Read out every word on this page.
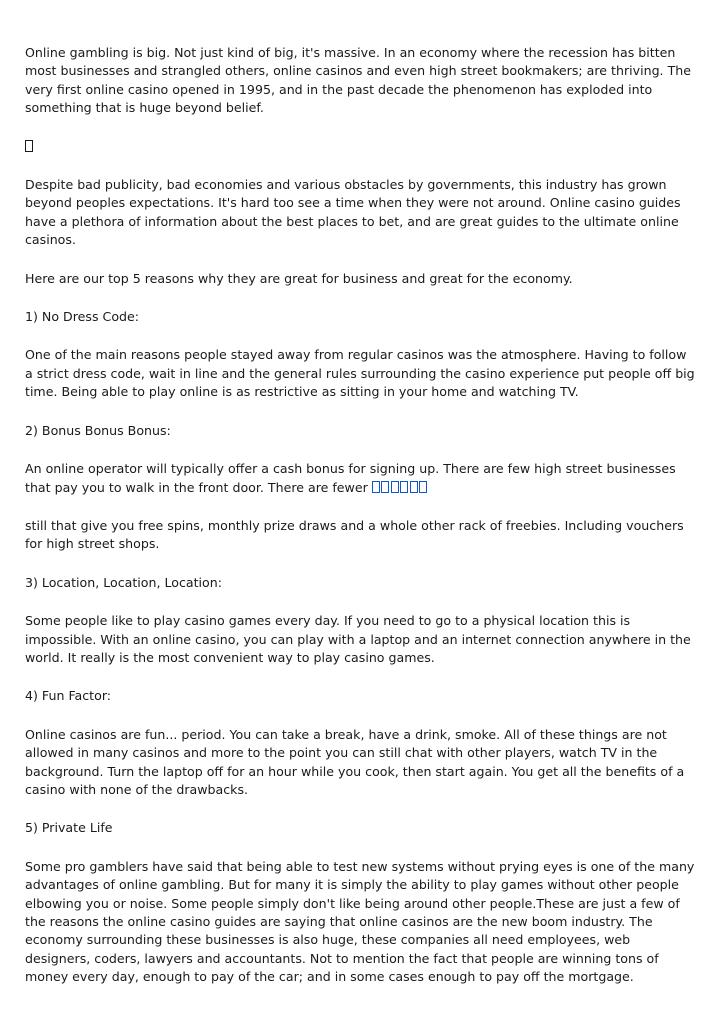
Online gambling is big. Not just kind of big, it's massive. In an economy where the recession has bitten most businesses and strangled others, online casinos and even high street bookmakers; are thriving. The very first online casino opened in 1995, and in the past decade the phenomenon has exploded into something that is huge beyond belief.

Despite bad publicity, bad economies and various obstacles by governments, this industry has grown beyond peoples expectations. It's hard too see a time when they were not around. Online casino guides have a plethora of information about the best places to bet, and are great guides to the ultimate online casinos.

Here are our top 5 reasons why they are great for business and great for the economy.

1) No Dress Code:

One of the main reasons people stayed away from regular casinos was the atmosphere. Having to follow a strict dress code, wait in line and the general rules surrounding the casino experience put people off big time. Being able to play online is as restrictive as sitting in your home and watching TV.

2) Bonus Bonus Bonus:

An online operator will typically offer a cash bonus for signing up. There are few high street businesses that pay you to walk in the front door. There are fewer

still that give you free spins, monthly prize draws and a whole other rack of freebies. Including vouchers for high street shops.

3) Location, Location, Location:

Some people like to play casino games every day. If you need to go to a physical location this is impossible. With an online casino, you can play with a laptop and an internet connection anywhere in the world. It really is the most convenient way to play casino games.

4) Fun Factor:

Online casinos are fun... period. You can take a break, have a drink, smoke. All of these things are not allowed in many casinos and more to the point you can still chat with other players, watch TV in the background. Turn the laptop off for an hour while you cook, then start again. You get all the benefits of a casino with none of the drawbacks.

5) Private Life

Some pro gamblers have said that being able to test new systems without prying eyes is one of the many advantages of online gambling. But for many it is simply the ability to play games without other people elbowing you or noise. Some people simply don't like being around other people.These are just a few of the reasons the online casino guides are saying that online casinos are the new boom industry. The economy surrounding these businesses is also huge, these companies all need employees, web designers, coders, lawyers and accountants. Not to mention the fact that people are winning tons of money every day, enough to pay of the car; and in some cases enough to pay off the mortgage.
